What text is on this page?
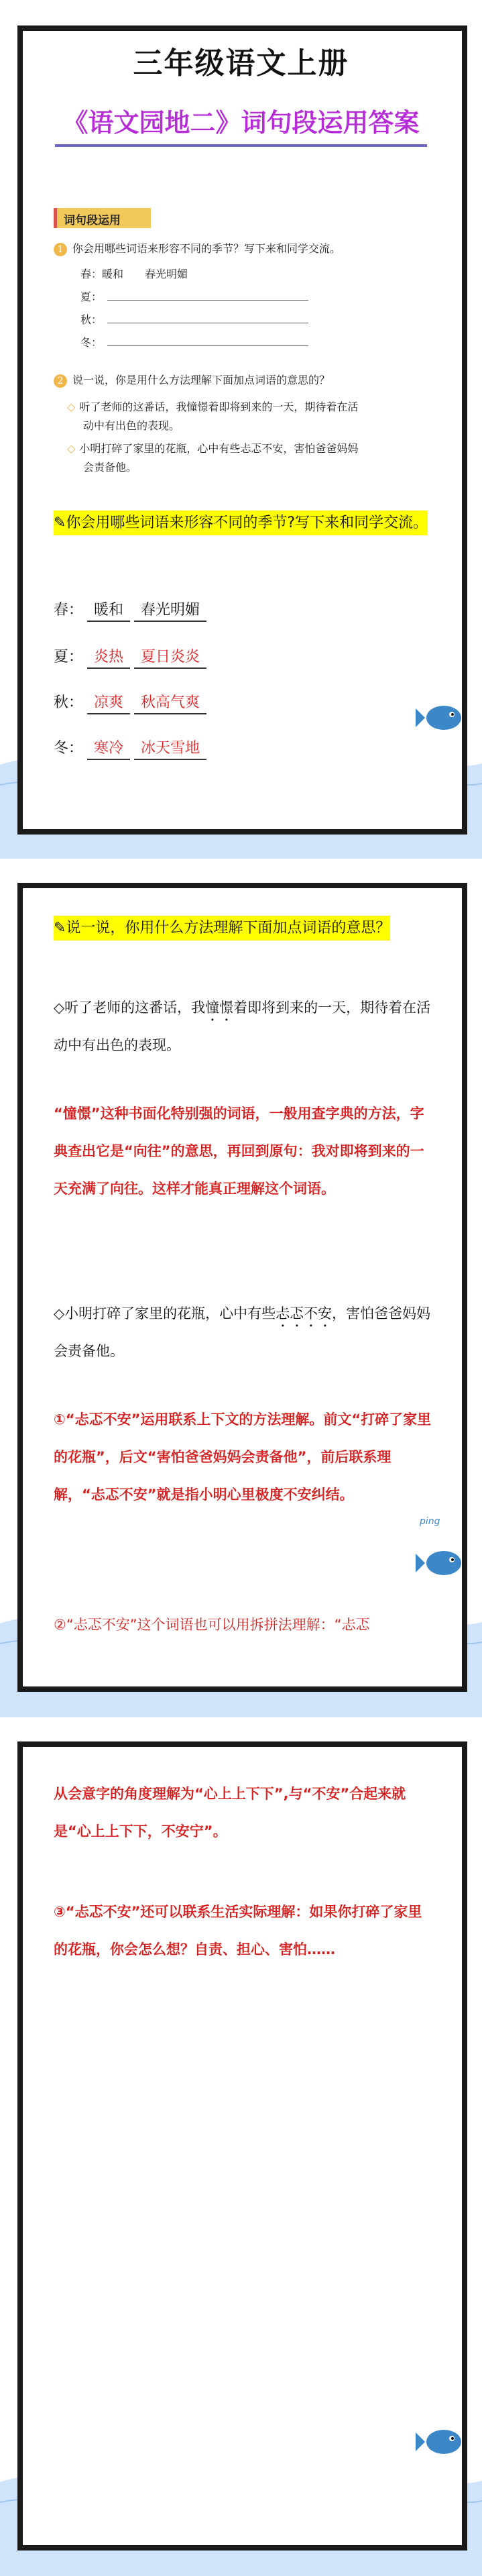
三年级语文上册
《语文园地二》词句段运用答案
词句段运用
1 你会用哪些词语来形容不同的季节？写下来和同学交流。
春：暖和　　春光明媚
夏：
秋：
冬：
2 说一说，你是用什么方法理解下面加点词语的意思的？
◇ 听了老师的这番话，我憧憬着即将到来的一天，期待着在活
动中有出色的表现。
◇ 小明打碎了家里的花瓶，心中有些忐忑不安，害怕爸爸妈妈
会责备他。
✎你会用哪些词语来形容不同的季节?写下来和同学交流。
春： 暖和 春光明媚
夏： 炎热 夏日炎炎
秋： 凉爽 秋高气爽
冬： 寒冷 冰天雪地
✎说一说，你用什么方法理解下面加点词语的意思？
◇听了老师的这番话，我憧憬着即将到来的一天，期待着在活动中有出色的表现。
“憧憬”这种书面化特别强的词语，一般用查字典的方法，字典查出它是“向往”的意思，再回到原句：我对即将到来的一天充满了向往。这样才能真正理解这个词语。
◇小明打碎了家里的花瓶，心中有些忐忑不安，害怕爸爸妈妈会责备他。
①“忐忑不安”运用联系上下文的方法理解。前文“打碎了家里的花瓶”，后文“害怕爸爸妈妈会责备他”，前后联系理解，“忐忑不安”就是指小明心里极度不安纠结。
②“忐忑不安”这个词语也可以用拆拼法理解：“忐忑
ping
从会意字的角度理解为“心上上下下”,与“不安”合起来就是“心上上下下，不安宁”。
③“忐忑不安”还可以联系生活实际理解：如果你打碎了家里的花瓶，你会怎么想？自责、担心、害怕……
